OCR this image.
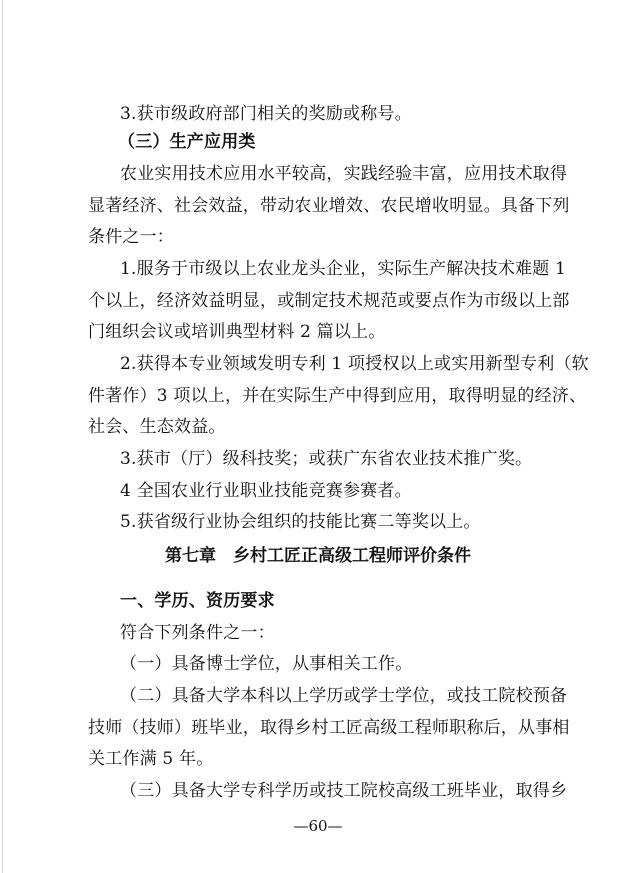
3.获市级政府部门相关的奖励或称号。
（三）生产应用类
农业实用技术应用水平较高，实践经验丰富，应用技术取得
显著经济、社会效益，带动农业增效、农民增收明显。具备下列
条件之一：
1.服务于市级以上农业龙头企业，实际生产解决技术难题 1
个以上，经济效益明显，或制定技术规范或要点作为市级以上部
门组织会议或培训典型材料 2 篇以上。
2.获得本专业领域发明专利 1 项授权以上或实用新型专利（软
件著作）3 项以上，并在实际生产中得到应用，取得明显的经济、
社会、生态效益。
3.获市（厅）级科技奖；或获广东省农业技术推广奖。
4 全国农业行业职业技能竞赛参赛者。
5.获省级行业协会组织的技能比赛二等奖以上。
第七章　乡村工匠正高级工程师评价条件
一、学历、资历要求
符合下列条件之一：
（一）具备博士学位，从事相关工作。
（二）具备大学本科以上学历或学士学位，或技工院校预备
技师（技师）班毕业，取得乡村工匠高级工程师职称后，从事相
关工作满 5 年。
（三）具备大学专科学历或技工院校高级工班毕业，取得乡
—60—
